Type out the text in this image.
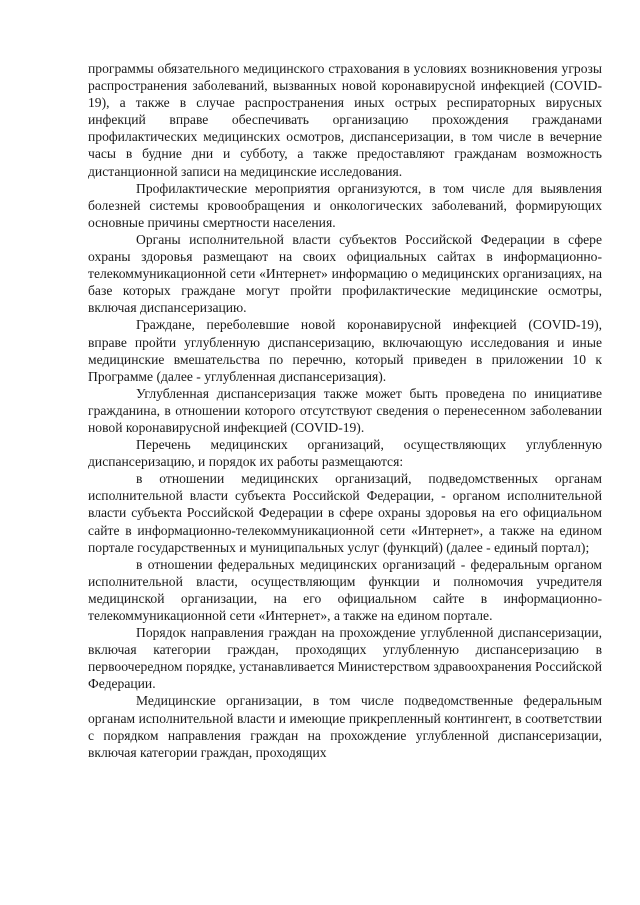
программы обязательного медицинского страхования в условиях возникновения угрозы распространения заболеваний, вызванных новой коронавирусной инфекцией (COVID-19), а также в случае распространения иных острых респираторных вирусных инфекций вправе обеспечивать организацию прохождения гражданами профилактических медицинских осмотров, диспансеризации, в том числе в вечерние часы в будние дни и субботу, а также предоставляют гражданам возможность дистанционной записи на медицинские исследования.

Профилактические мероприятия организуются, в том числе для выявления болезней системы кровообращения и онкологических заболеваний, формирующих основные причины смертности населения.

Органы исполнительной власти субъектов Российской Федерации в сфере охраны здоровья размещают на своих официальных сайтах в информационно-телекоммуникационной сети «Интернет» информацию о медицинских организациях, на базе которых граждане могут пройти профилактические медицинские осмотры, включая диспансеризацию.

Граждане, переболевшие новой коронавирусной инфекцией (COVID-19), вправе пройти углубленную диспансеризацию, включающую исследования и иные медицинские вмешательства по перечню, который приведен в приложении 10 к Программе (далее - углубленная диспансеризация).

Углубленная диспансеризация также может быть проведена по инициативе гражданина, в отношении которого отсутствуют сведения о перенесенном заболевании новой коронавирусной инфекцией (COVID-19).

Перечень медицинских организаций, осуществляющих углубленную диспансеризацию, и порядок их работы размещаются:

в отношении медицинских организаций, подведомственных органам исполнительной власти субъекта Российской Федерации, - органом исполнительной власти субъекта Российской Федерации в сфере охраны здоровья на его официальном сайте в информационно-телекоммуникационной сети «Интернет», а также на едином портале государственных и муниципальных услуг (функций) (далее - единый портал);

в отношении федеральных медицинских организаций - федеральным органом исполнительной власти, осуществляющим функции и полномочия учредителя медицинской организации, на его официальном сайте в информационно-телекоммуникационной сети «Интернет», а также на едином портале.

Порядок направления граждан на прохождение углубленной диспансеризации, включая категории граждан, проходящих углубленную диспансеризацию в первоочередном порядке, устанавливается Министерством здравоохранения Российской Федерации.

Медицинские организации, в том числе подведомственные федеральным органам исполнительной власти и имеющие прикрепленный контингент, в соответствии с порядком направления граждан на прохождение углубленной диспансеризации, включая категории граждан, проходящих
